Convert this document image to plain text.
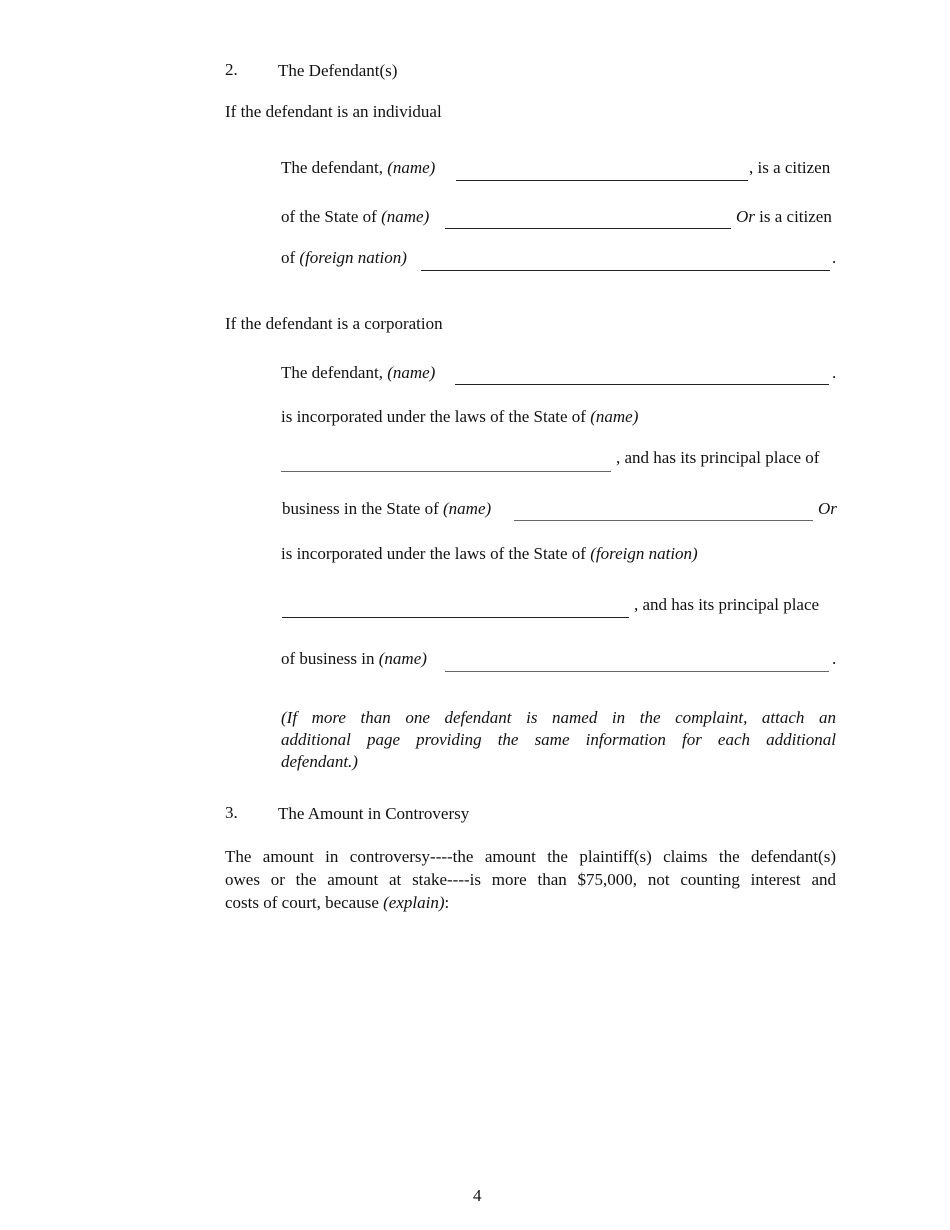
2. The Defendant(s)
If the defendant is an individual
The defendant, (name)	, is a citizen
of the State of (name)	Or is a citizen
of (foreign nation)	.
If the defendant is a corporation
The defendant, (name)	.
is incorporated under the laws of the State of (name)
, and has its principal place of
business in the State of (name)	Or
is incorporated under the laws of the State of (foreign nation)
, and has its principal place
of business in (name)	.
(If more than one defendant is named in the complaint, attach an
additional page providing the same information for each additional
defendant.)
3. The Amount in Controversy
The amount in controversy----the amount the plaintiff(s) claims the defendant(s)
owes or the amount at stake----is more than $75,000, not counting interest and
costs of court, because (explain):
4
